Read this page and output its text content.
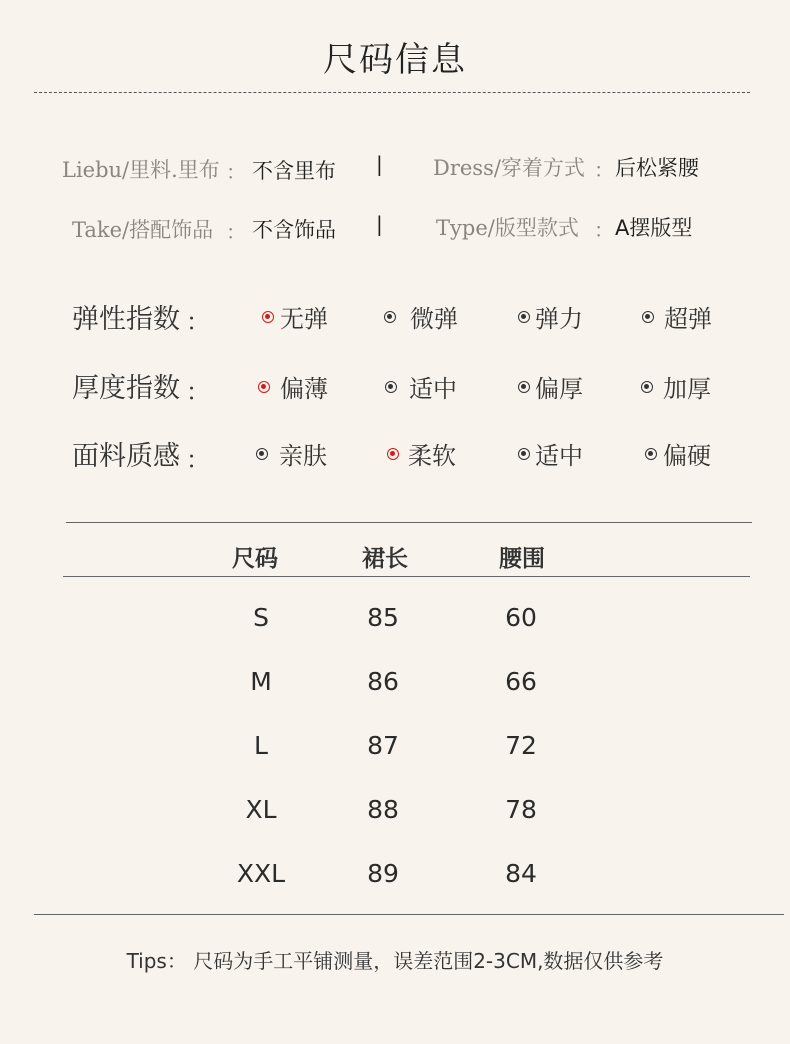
尺码信息
Liebu/里料.里布 ： 不含里布 | Dress/穿着方式 ： 后松紧腰
Take/搭配饰品 ： 不含饰品 |	Type/版型款式 ： A摆版型
弹性指数 ：	无弹	微弹	弹力	超弹
厚度指数 ：	偏薄	适中	偏厚	加厚
面料质感 ：	亲肤	柔软	适中	偏硬
尺码	裙长	腰围
S	85	60
M	86	66
L	87	72
XL	88	78
XXL	89	84
Tips： 尺码为手工平铺测量，误差范围2-3CM,数据仅供参考
